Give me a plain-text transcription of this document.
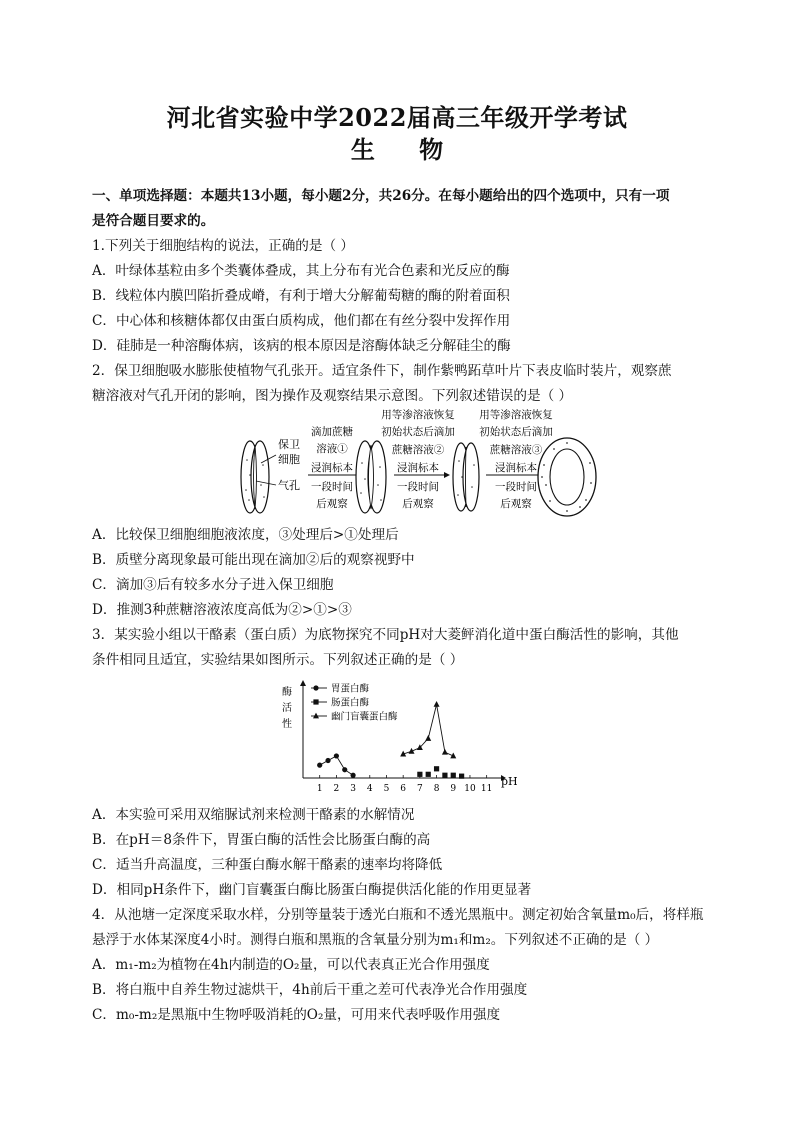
河北省实验中学2022届高三年级开学考试
生 物
一、单项选择题：本题共13小题，每小题2分，共26分。在每小题给出的四个选项中，只有一项
是符合题目要求的。
1.下列关于细胞结构的说法，正确的是（ ）
A．叶绿体基粒由多个类囊体叠成，其上分布有光合色素和光反应的酶
B．线粒体内膜凹陷折叠成嵴，有利于增大分解葡萄糖的酶的附着面积
C．中心体和核糖体都仅由蛋白质构成，他们都在有丝分裂中发挥作用
D．硅肺是一种溶酶体病，该病的根本原因是溶酶体缺乏分解硅尘的酶
2．保卫细胞吸水膨胀使植物气孔张开。适宜条件下，制作紫鸭跖草叶片下表皮临时装片，观察蔗
糖溶液对气孔开闭的影响，图为操作及观察结果示意图。下列叙述错误的是（ ）
保卫
细胞
气孔
滴加蔗糖
溶液①
浸润标本
一段时间
后观察
用等渗溶液恢复
初始状态后滴加
蔗糖溶液②
浸润标本
一段时间
后观察
用等渗溶液恢复
初始状态后滴加
蔗糖溶液③
浸润标本
一段时间
后观察
A．比较保卫细胞细胞液浓度，③处理后>①处理后
B．质壁分离现象最可能出现在滴加②后的观察视野中
C．滴加③后有较多水分子进入保卫细胞
D．推测3种蔗糖溶液浓度高低为②>①>③
3．某实验小组以干酪素（蛋白质）为底物探究不同pH对大菱鲆消化道中蛋白酶活性的影响，其他
条件相同且适宜，实验结果如图所示。下列叙述正确的是（ ）
1 2 3 4 5 6 7 8 9 10 11
酶
活
性
pH
胃蛋白酶
肠蛋白酶
幽门盲囊蛋白酶
A．本实验可采用双缩脲试剂来检测干酪素的水解情况
B．在pH＝8条件下，胃蛋白酶的活性会比肠蛋白酶的高
C．适当升高温度，三种蛋白酶水解干酪素的速率均将降低
D．相同pH条件下，幽门盲囊蛋白酶比肠蛋白酶提供活化能的作用更显著
4．从池塘一定深度采取水样，分别等量装于透光白瓶和不透光黑瓶中。测定初始含氧量m₀后，将样瓶
悬浮于水体某深度4小时。测得白瓶和黑瓶的含氧量分别为m₁和m₂。下列叙述不正确的是（ ）
A．m₁-m₂为植物在4h内制造的O₂量，可以代表真正光合作用强度
B．将白瓶中自养生物过滤烘干，4h前后干重之差可代表净光合作用强度
C．m₀-m₂是黑瓶中生物呼吸消耗的O₂量，可用来代表呼吸作用强度
